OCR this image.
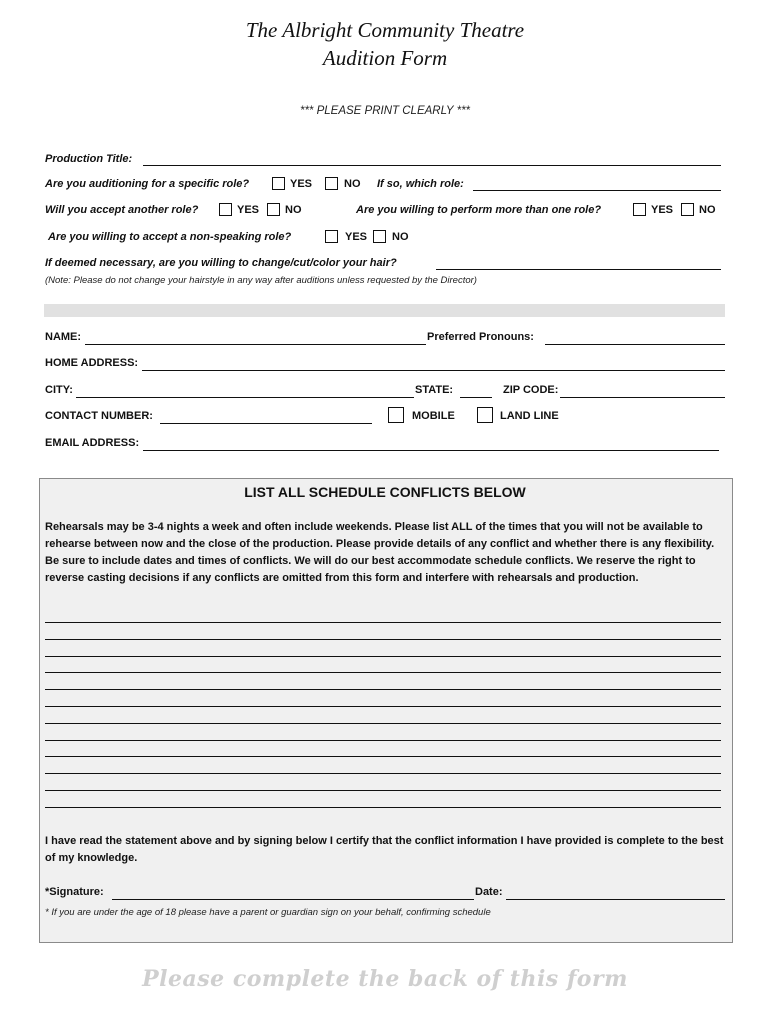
The Albright Community Theatre
Audition Form
*** PLEASE PRINT CLEARLY ***
Production Title:
Are you auditioning for a specific role?	YES	NO If so, which role:
Will you accept another role?	YES NO	Are you willing to perform more than one role?	YES NO
Are you willing to accept a non-speaking role?	YES NO
If deemed necessary, are you willing to change/cut/color your hair?
(Note: Please do not change your hairstyle in any way after auditions unless requested by the Director)
NAME:	Preferred Pronouns:
HOME ADDRESS:
CITY:	STATE:	ZIP CODE:
CONTACT NUMBER:	MOBILE	LAND LINE
EMAIL ADDRESS:
LIST ALL SCHEDULE CONFLICTS BELOW
Rehearsals may be 3-4 nights a week and often include weekends. Please list ALL of the times that you will not be available to rehearse between now and the close of the production. Please provide details of any conflict and whether there is any flexibility. Be sure to include dates and times of conflicts. We will do our best accommodate schedule conflicts. We reserve the right to reverse casting decisions if any conflicts are omitted from this form and interfere with rehearsals and production.
I have read the statement above and by signing below I certify that the conflict information I have provided is complete to the best of my knowledge.
*Signature:	Date:
* If you are under the age of 18 please have a parent or guardian sign on your behalf, confirming schedule
Please complete the back of this form
